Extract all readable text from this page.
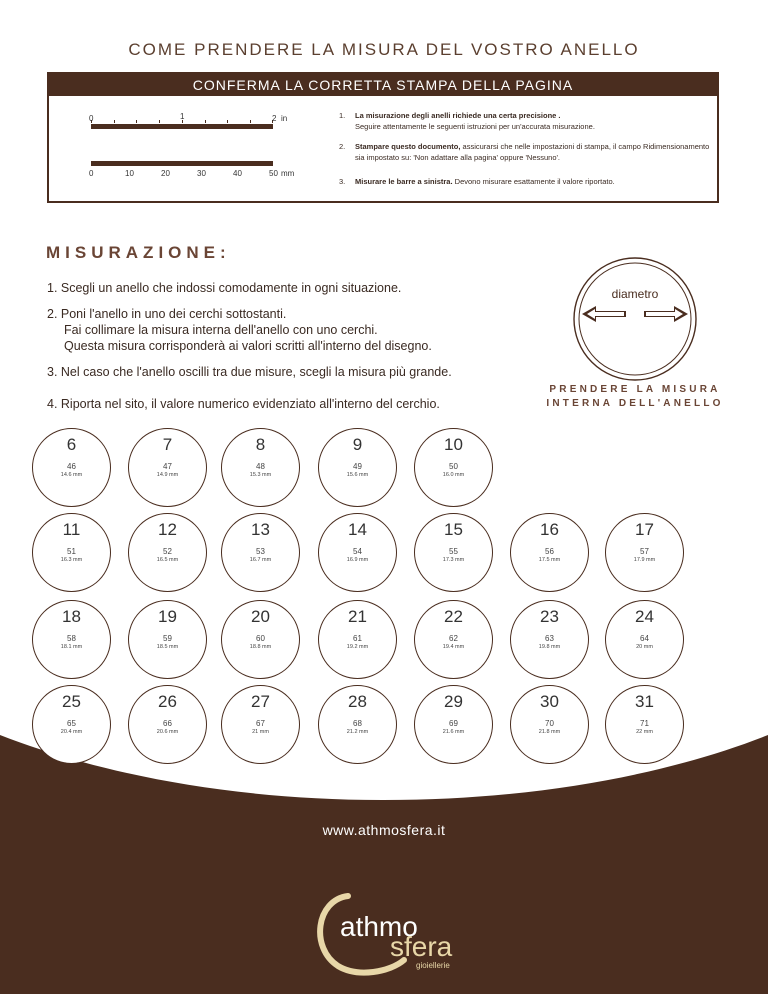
COME PRENDERE LA MISURA DEL VOSTRO ANELLO
CONFERMA LA CORRETTA STAMPA DELLA PAGINA
0	1	2 in
0	10	20	30	40	50 mm
1. La misurazione degli anelli richiede una certa precisione .
Seguire attentamente le seguenti istruzioni per un'accurata misurazione.
2. Stampare questo documento, assicurarsi che nelle impostazioni di stampa, il campo Ridimensionamento sia impostato su: 'Non adattare alla pagina' oppure 'Nessuno'.
3. Misurare le barre a sinistra. Devono misurare esattamente il valore riportato.
MISURAZIONE:
1. Scegli un anello che indossi comodamente in ogni situazione.
2. Poni l'anello in uno dei cerchi sottostanti.
Fai collimare la misura interna dell'anello con uno cerchi.
Questa misura corrisponderà ai valori scritti all'interno del disegno.
3. Nel caso che l'anello oscilli tra due misure, scegli la misura più grande.
4. Riporta nel sito, il valore numerico evidenziato all'interno del cerchio.
diametro
PRENDERE LA MISURA
INTERNA DELL'ANELLO
6
46
14.6 mm
7
47
14.9 mm
8
48
15.3 mm
9
49
15.6 mm
10
50
16.0 mm
11
51
16.3 mm
12
52
16.5 mm
13
53
16.7 mm
14
54
16.9 mm
15
55
17.3 mm
16
56
17.5 mm
17
57
17.9 mm
18
58
18.1 mm
19
59
18.5 mm
20
60
18.8 mm
21
61
19.2 mm
22
62
19.4 mm
23
63
19.8 mm
24
64
20 mm
25
65
20.4 mm
26
66
20.6 mm
27
67
21 mm
28
68
21.2 mm
29
69
21.6 mm
30
70
21.8 mm
31
71
22 mm
www.athmosfera.it
athmo
sfera
gioiellerie
